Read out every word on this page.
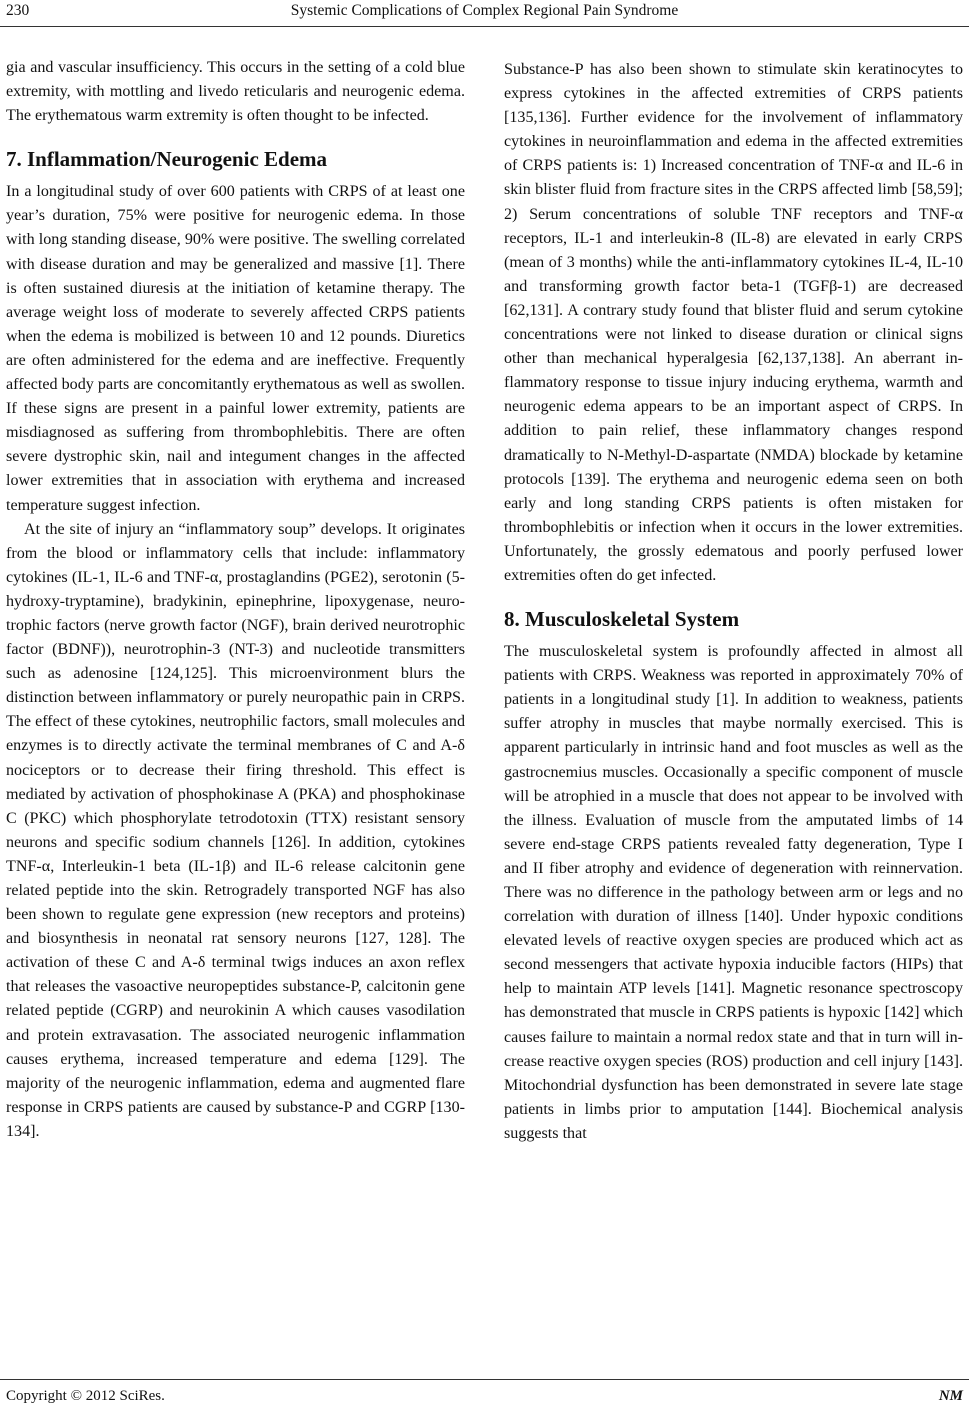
230	Systemic Complications of Complex Regional Pain Syndrome

gia and vascular insufficiency. This occurs in the setting of a cold blue extremity, with mottling and livedo reticularis and neurogenic edema. The erythematous warm extremity is often thought to be infected.

7. Inflammation/Neurogenic Edema

In a longitudinal study of over 600 patients with CRPS of at least one year’s duration, 75% were positive for neurogenic edema. In those with long standing disease, 90% were positive. The swelling correlated with disease duration and may be generalized and massive [1]. There is often sustained diuresis at the initiation of ketamine therapy. The average weight loss of moderate to severely affected CRPS patients when the edema is mobilized is between 10 and 12 pounds. Diuretics are often administered for the edema and are ineffective. Frequently affected body parts are concomitantly erythematous as well as swollen. If these signs are present in a painful lower extremity, patients are misdiagnosed as suffering from thrombophlebitis. There are often severe dystrophic skin, nail and integument changes in the affected lower extremities that in association with erythema and increased temperature suggest infection.

At the site of injury an “inflammatory soup” develops. It originates from the blood or inflammatory cells that include: inflammatory cytokines (IL-1, IL-6 and TNF-α, prostaglandins (PGE2), serotonin (5-hydroxy-tryptamine), bradykinin, epinephrine, lipoxygenase, neurotrophic factors (nerve growth factor (NGF), brain derived neurotrophic factor (BDNF)), neurotrophin-3 (NT-3) and nucleotide transmitters such as adenosine [124,125]. This microenvironment blurs the distinction between inflammatory or purely neuropathic pain in CRPS. The effect of these cytokines, neutrophilic factors, small molecules and enzymes is to directly activate the terminal membranes of C and A-δ nociceptors or to decrease their firing threshold. This effect is mediated by activation of phosphokinase A (PKA) and phosphokinase C (PKC) which phosphorylate tetrodotoxin (TTX) resistant sensory neurons and specific sodium channels [126]. In addition, cytokines TNF-α, Interleukin-1 beta (IL-1β) and IL-6 release calcitonin gene related peptide into the skin. Retrogradely transported NGF has also been shown to regulate gene expression (new receptors and proteins) and biosynthesis in neonatal rat sensory neurons [127, 128]. The activation of these C and A-δ terminal twigs induces an axon reflex that releases the vasoactive neuropeptides substance-P, calcitonin gene related peptide (CGRP) and neurokinin A which causes vasodilation and protein extravasation. The associated neurogenic inflammation causes erythema, increased temperature and edema [129]. The majority of the neurogenic inflammation, edema and augmented flare response in CRPS patients are caused by substance-P and CGRP [130-134].

Substance-P has also been shown to stimulate skin keratinocytes to express cytokines in the affected extremities of CRPS patients [135,136]. Further evidence for the involvement of inflammatory cytokines in neuroinflammation and edema in the affected extremities of CRPS patients is: 1) Increased concentration of TNF-α and IL-6 in skin blister fluid from fracture sites in the CRPS affected limb [58,59]; 2) Serum concentrations of soluble TNF receptors and TNF-α receptors, IL-1 and interleukin-8 (IL-8) are elevated in early CRPS (mean of 3 months) while the anti-inflammatory cytokines IL-4, IL-10 and transforming growth factor beta-1 (TGFβ-1) are decreased [62,131]. A contrary study found that blister fluid and serum cytokine concentrations were not linked to disease duration or clinical signs other than mechanical hyperalgesia [62,137,138]. An aberrant inflammatory response to tissue injury inducing erythema, warmth and neurogenic edema appears to be an important aspect of CRPS. In addition to pain relief, these inflammatory changes respond dramatically to N-Methyl-D-aspartate (NMDA) blockade by ketamine protocols [139]. The erythema and neurogenic edema seen on both early and long standing CRPS patients is often mistaken for thrombophlebitis or infection when it occurs in the lower extremities. Unfortunately, the grossly edematous and poorly perfused lower extremities often do get infected.

8. Musculoskeletal System

The musculoskeletal system is profoundly affected in almost all patients with CRPS. Weakness was reported in approximately 70% of patients in a longitudinal study [1]. In addition to weakness, patients suffer atrophy in muscles that maybe normally exercised. This is apparent particularly in intrinsic hand and foot muscles as well as the gastrocnemius muscles. Occasionally a specific component of muscle will be atrophied in a muscle that does not appear to be involved with the illness. Evaluation of muscle from the amputated limbs of 14 severe end-stage CRPS patients revealed fatty degeneration, Type I and II fiber atrophy and evidence of degeneration with reinnervation. There was no difference in the pathology between arm or legs and no correlation with duration of illness [140]. Under hypoxic conditions elevated levels of reactive oxygen species are produced which act as second messengers that activate hypoxia inducible factors (HIPs) that help to maintain ATP levels [141]. Magnetic resonance spectroscopy has demonstrated that muscle in CRPS patients is hypoxic [142] which causes failure to maintain a normal redox state and that in turn will increase reactive oxygen species (ROS) production and cell injury [143]. Mitochondrial dysfunction has been demonstrated in severe late stage patients in limbs prior to amputation [144]. Biochemical analysis suggests that

Copyright © 2012 SciRes.	NM
